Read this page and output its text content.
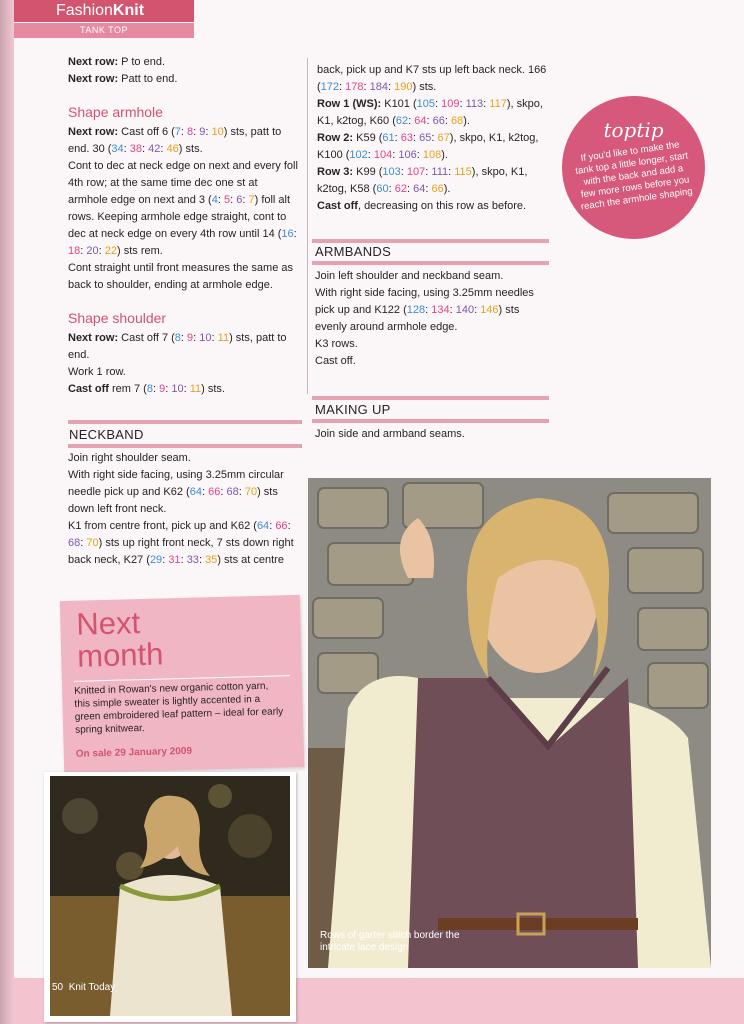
FashionKnit
TANK TOP

Next row: P to end.

Next row: Patt to end.

Shape armhole

Next row: Cast off 6 (7: 8: 9: 10) sts, patt to end. 30 (34: 38: 42: 46) sts.

Cont to dec at neck edge on next and every foll 4th row; at the same time dec one st at armhole edge on next and 3 (4: 5: 6: 7) foll alt rows. Keeping armhole edge straight, cont to dec at neck edge on every 4th row until 14 (16: 18: 20: 22) sts rem.

Cont straight until front measures the same as back to shoulder, ending at armhole edge.

Shape shoulder

Next row: Cast off 7 (8: 9: 10: 11) sts, patt to end.

Work 1 row.

Cast off rem 7 (8: 9: 10: 11) sts.

NECKBAND

Join right shoulder seam.

With right side facing, using 3.25mm circular needle pick up and K62 (64: 66: 68: 70) sts down left front neck.

K1 from centre front, pick up and K62 (64: 66: 68: 70) sts up right front neck, 7 sts down right back neck, K27 (29: 31: 33: 35) sts at centre

back, pick up and K7 sts up left back neck. 166 (172: 178: 184: 190) sts.

Row 1 (WS): K101 (105: 109: 113: 117), skpo, K1, k2tog, K60 (62: 64: 66: 68).

Row 2: K59 (61: 63: 65: 67), skpo, K1, k2tog, K100 (102: 104: 106: 108).

Row 3: K99 (103: 107: 111: 115), skpo, K1, k2tog, K58 (60: 62: 64: 66).

Cast off, decreasing on this row as before.

ARMBANDS

Join left shoulder and neckband seam.

With right side facing, using 3.25mm needles pick up and K122 (128: 134: 140: 146) sts evenly around armhole edge.

K3 rows.

Cast off.

MAKING UP

Join side and armband seams.

toptip
If you'd like to make the tank top a little longer, start with the back and add a few more rows before you reach the armhole shaping
Next
month
Knitted in Rowan's new organic cotton yarn, this simple sweater is lightly accented in a green embroidered leaf pattern – ideal for early spring knitwear.
On sale 29 January 2009
50 Knit Today
Rows of garter stitch border the intricate lace design
